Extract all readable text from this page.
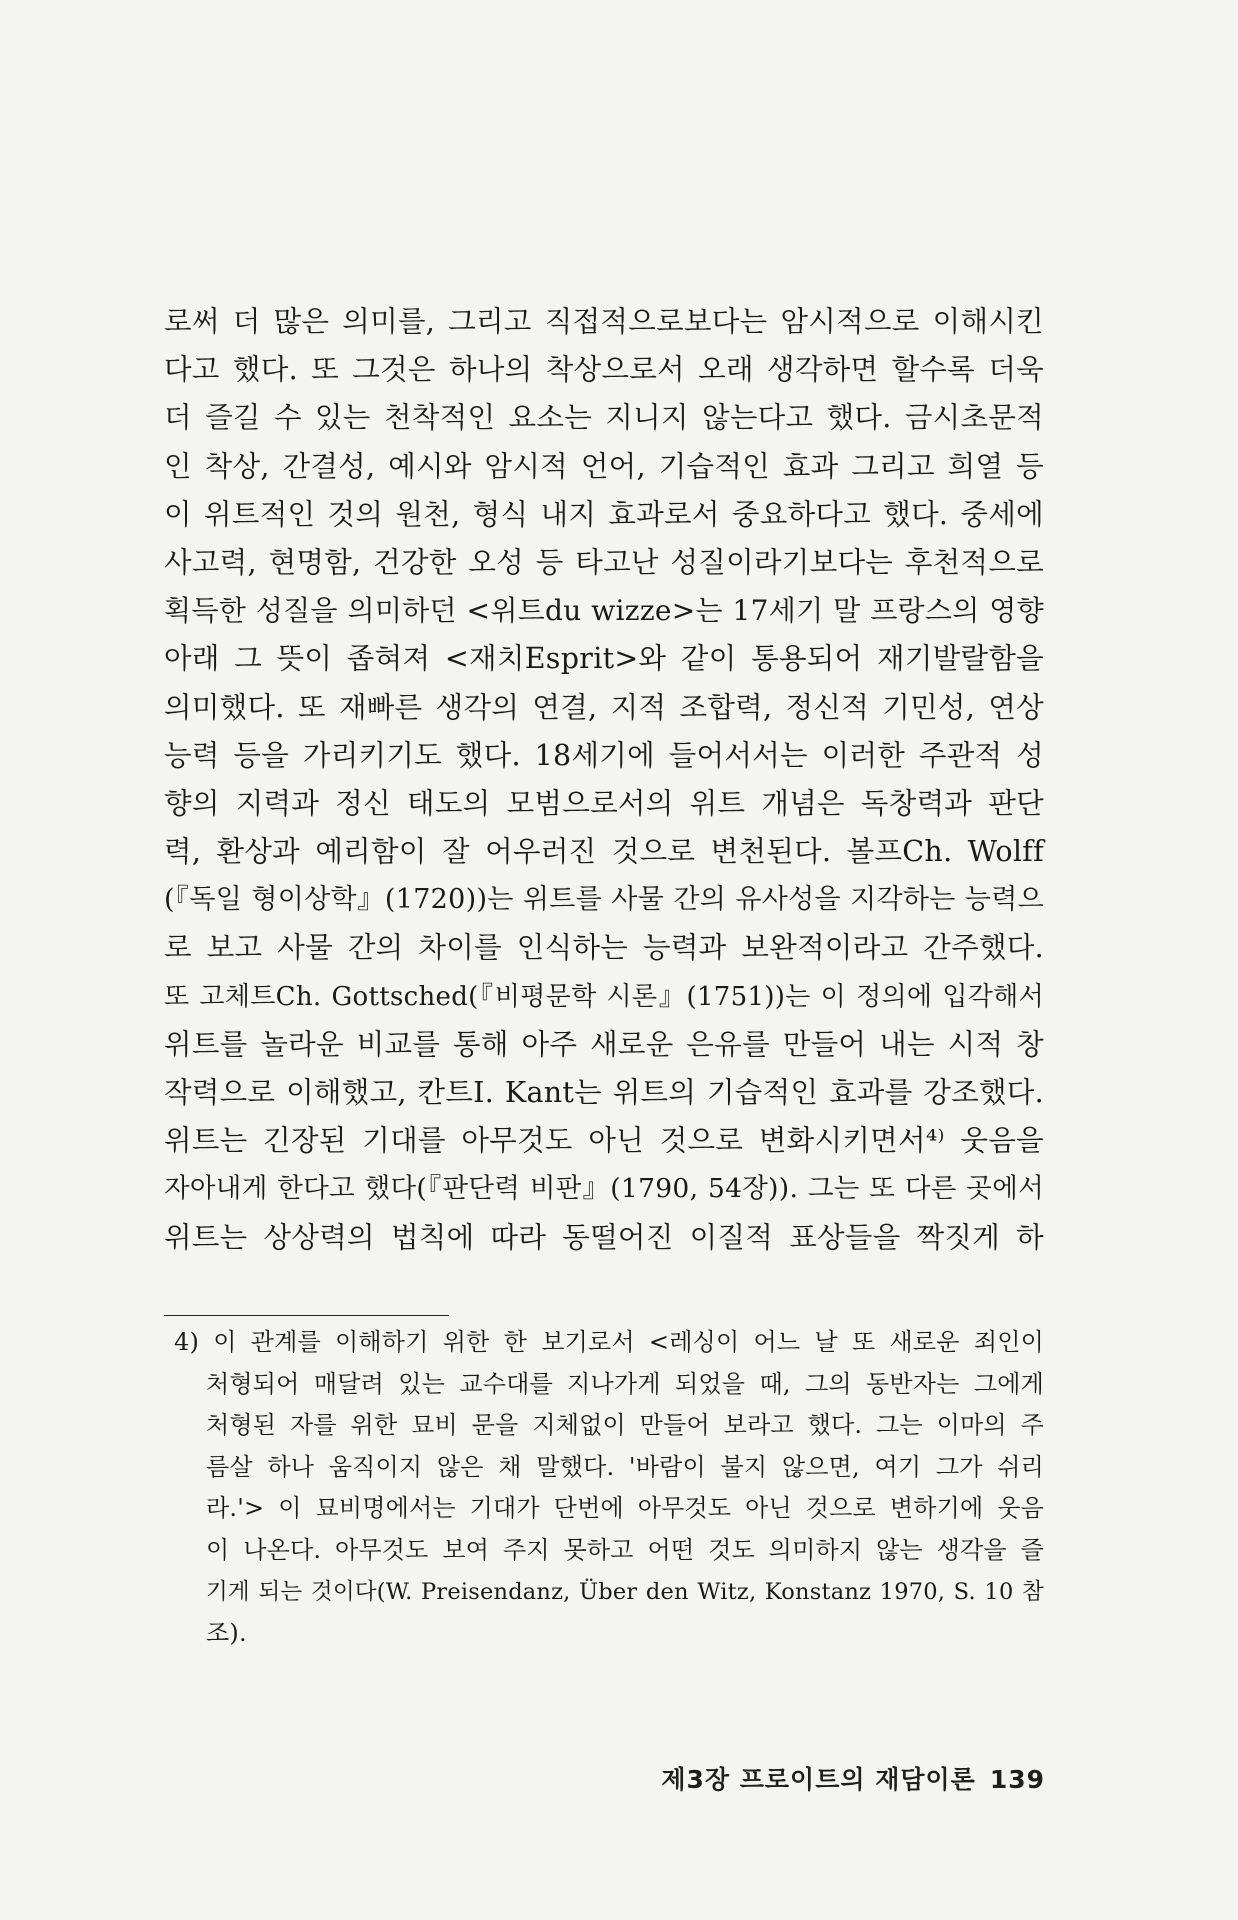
로써 더 많은 의미를, 그리고 직접적으로보다는 암시적으로 이해시킨
다고 했다. 또 그것은 하나의 착상으로서 오래 생각하면 할수록 더욱
더 즐길 수 있는 천착적인 요소는 지니지 않는다고 했다. 금시초문적
인 착상, 간결성, 예시와 암시적 언어, 기습적인 효과 그리고 희열 등
이 위트적인 것의 원천, 형식 내지 효과로서 중요하다고 했다. 중세에
사고력, 현명함, 건강한 오성 등 타고난 성질이라기보다는 후천적으로
획득한 성질을 의미하던 <위트du wizze>는 17세기 말 프랑스의 영향
아래 그 뜻이 좁혀져 <재치Esprit>와 같이 통용되어 재기발랄함을
의미했다. 또 재빠른 생각의 연결, 지적 조합력, 정신적 기민성, 연상
능력 등을 가리키기도 했다. 18세기에 들어서서는 이러한 주관적 성
향의 지력과 정신 태도의 모범으로서의 위트 개념은 독창력과 판단
력, 환상과 예리함이 잘 어우러진 것으로 변천된다. 볼프Ch. Wolff
(『독일 형이상학』(1720))는 위트를 사물 간의 유사성을 지각하는 능력으
로 보고 사물 간의 차이를 인식하는 능력과 보완적이라고 간주했다.
또 고체트Ch. Gottsched(『비평문학 시론』(1751))는 이 정의에 입각해서
위트를 놀라운 비교를 통해 아주 새로운 은유를 만들어 내는 시적 창
작력으로 이해했고, 칸트I. Kant는 위트의 기습적인 효과를 강조했다.
위트는 긴장된 기대를 아무것도 아닌 것으로 변화시키면서⁴⁾ 웃음을
자아내게 한다고 했다(『판단력 비판』(1790, 54장)). 그는 또 다른 곳에서
위트는 상상력의 법칙에 따라 동떨어진 이질적 표상들을 짝짓게 하
4) 이 관계를 이해하기 위한 한 보기로서 <레싱이 어느 날 또 새로운 죄인이
처형되어 매달려 있는 교수대를 지나가게 되었을 때, 그의 동반자는 그에게
처형된 자를 위한 묘비 문을 지체없이 만들어 보라고 했다. 그는 이마의 주
름살 하나 움직이지 않은 채 말했다. '바람이 불지 않으면, 여기 그가 쉬리
라.'> 이 묘비명에서는 기대가 단번에 아무것도 아닌 것으로 변하기에 웃음
이 나온다. 아무것도 보여 주지 못하고 어떤 것도 의미하지 않는 생각을 즐
기게 되는 것이다(W. Preisendanz, Über den Witz, Konstanz 1970, S. 10 참
조).
제3장 프로이트의 재담이론 139
